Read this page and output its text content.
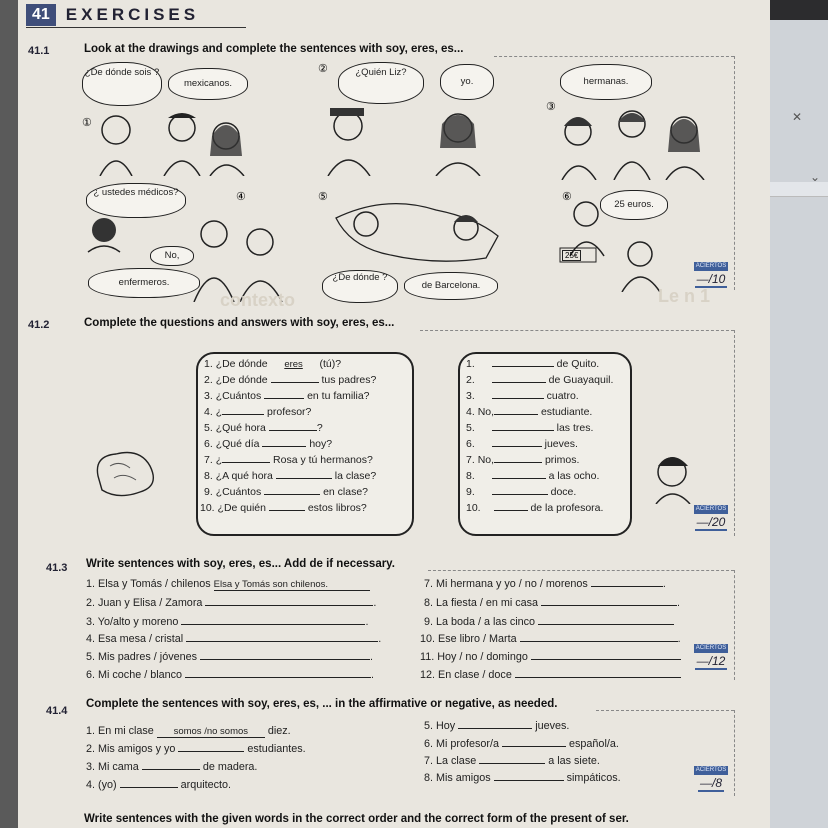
✕
⌄
41 EXERCISES
41.1	Look at the drawings and complete the sentences with soy, eres, es...
¿De dónde sois ?
mexicanos.
①
②	¿Quién Liz?
yo.	hermanas.
③
¿ ustedes médicos?	④
No,
enfermeros.
⑤
¿De dónde ?
de Barcelona.
⑥
25 euros.
25€
contexto	Le n 1
ACIERTOS
—/10
41.2	Complete the questions and answers with soy, eres, es...
1. ¿De dónde eres (tú)?
2. ¿De dónde	tus padres?
3. ¿Cuántos	en tu familia?
4. ¿	profesor?
5. ¿Qué hora	?
6. ¿Qué día	hoy?
7. ¿	Rosa y tú hermanos?
8. ¿A qué hora	la clase?
9. ¿Cuántos	en clase?
10. ¿De quién	estos libros?
1.	de Quito.
2.	de Guayaquil.
3.	cuatro.
4. No,	estudiante.
5.	las tres.
6.	jueves.
7. No,	primos.
8.	a las ocho.
9.	doce.
10.	de la profesora.	ACIERTOS
—/20
41.3 Write sentences with soy, eres, es... Add de if necessary.
1. Elsa y Tomás / chilenos Elsa y Tomás son chilenos.
2. Juan y Elisa / Zamora	.
3. Yo/alto y moreno	.
4. Esa mesa / cristal	.
5. Mis padres / jóvenes	.
6. Mi coche / blanco	.
7. Mi hermana y yo / no / morenos	.
8. La fiesta / en mi casa	.
9. La boda / a las cinco
10. Ese libro / Marta	.
11. Hoy / no / domingo
12. En clase / doce
ACIERTOS
—/12
41.4
Complete the sentences with soy, eres, es, ... in the affirmative or negative, as needed.
1. En mi clase somos /no somos diez.
2. Mis amigos y yo	estudiantes.
3. Mi cama	de madera.
4. (yo)	arquitecto.
5. Hoy	jueves.
6. Mi profesor/a	español/a.
7. La clase	a las siete.
8. Mis amigos	simpáticos.
ACIERTOS
—/8
Write sentences with the given words in the correct order and the correct form of the present of ser.
